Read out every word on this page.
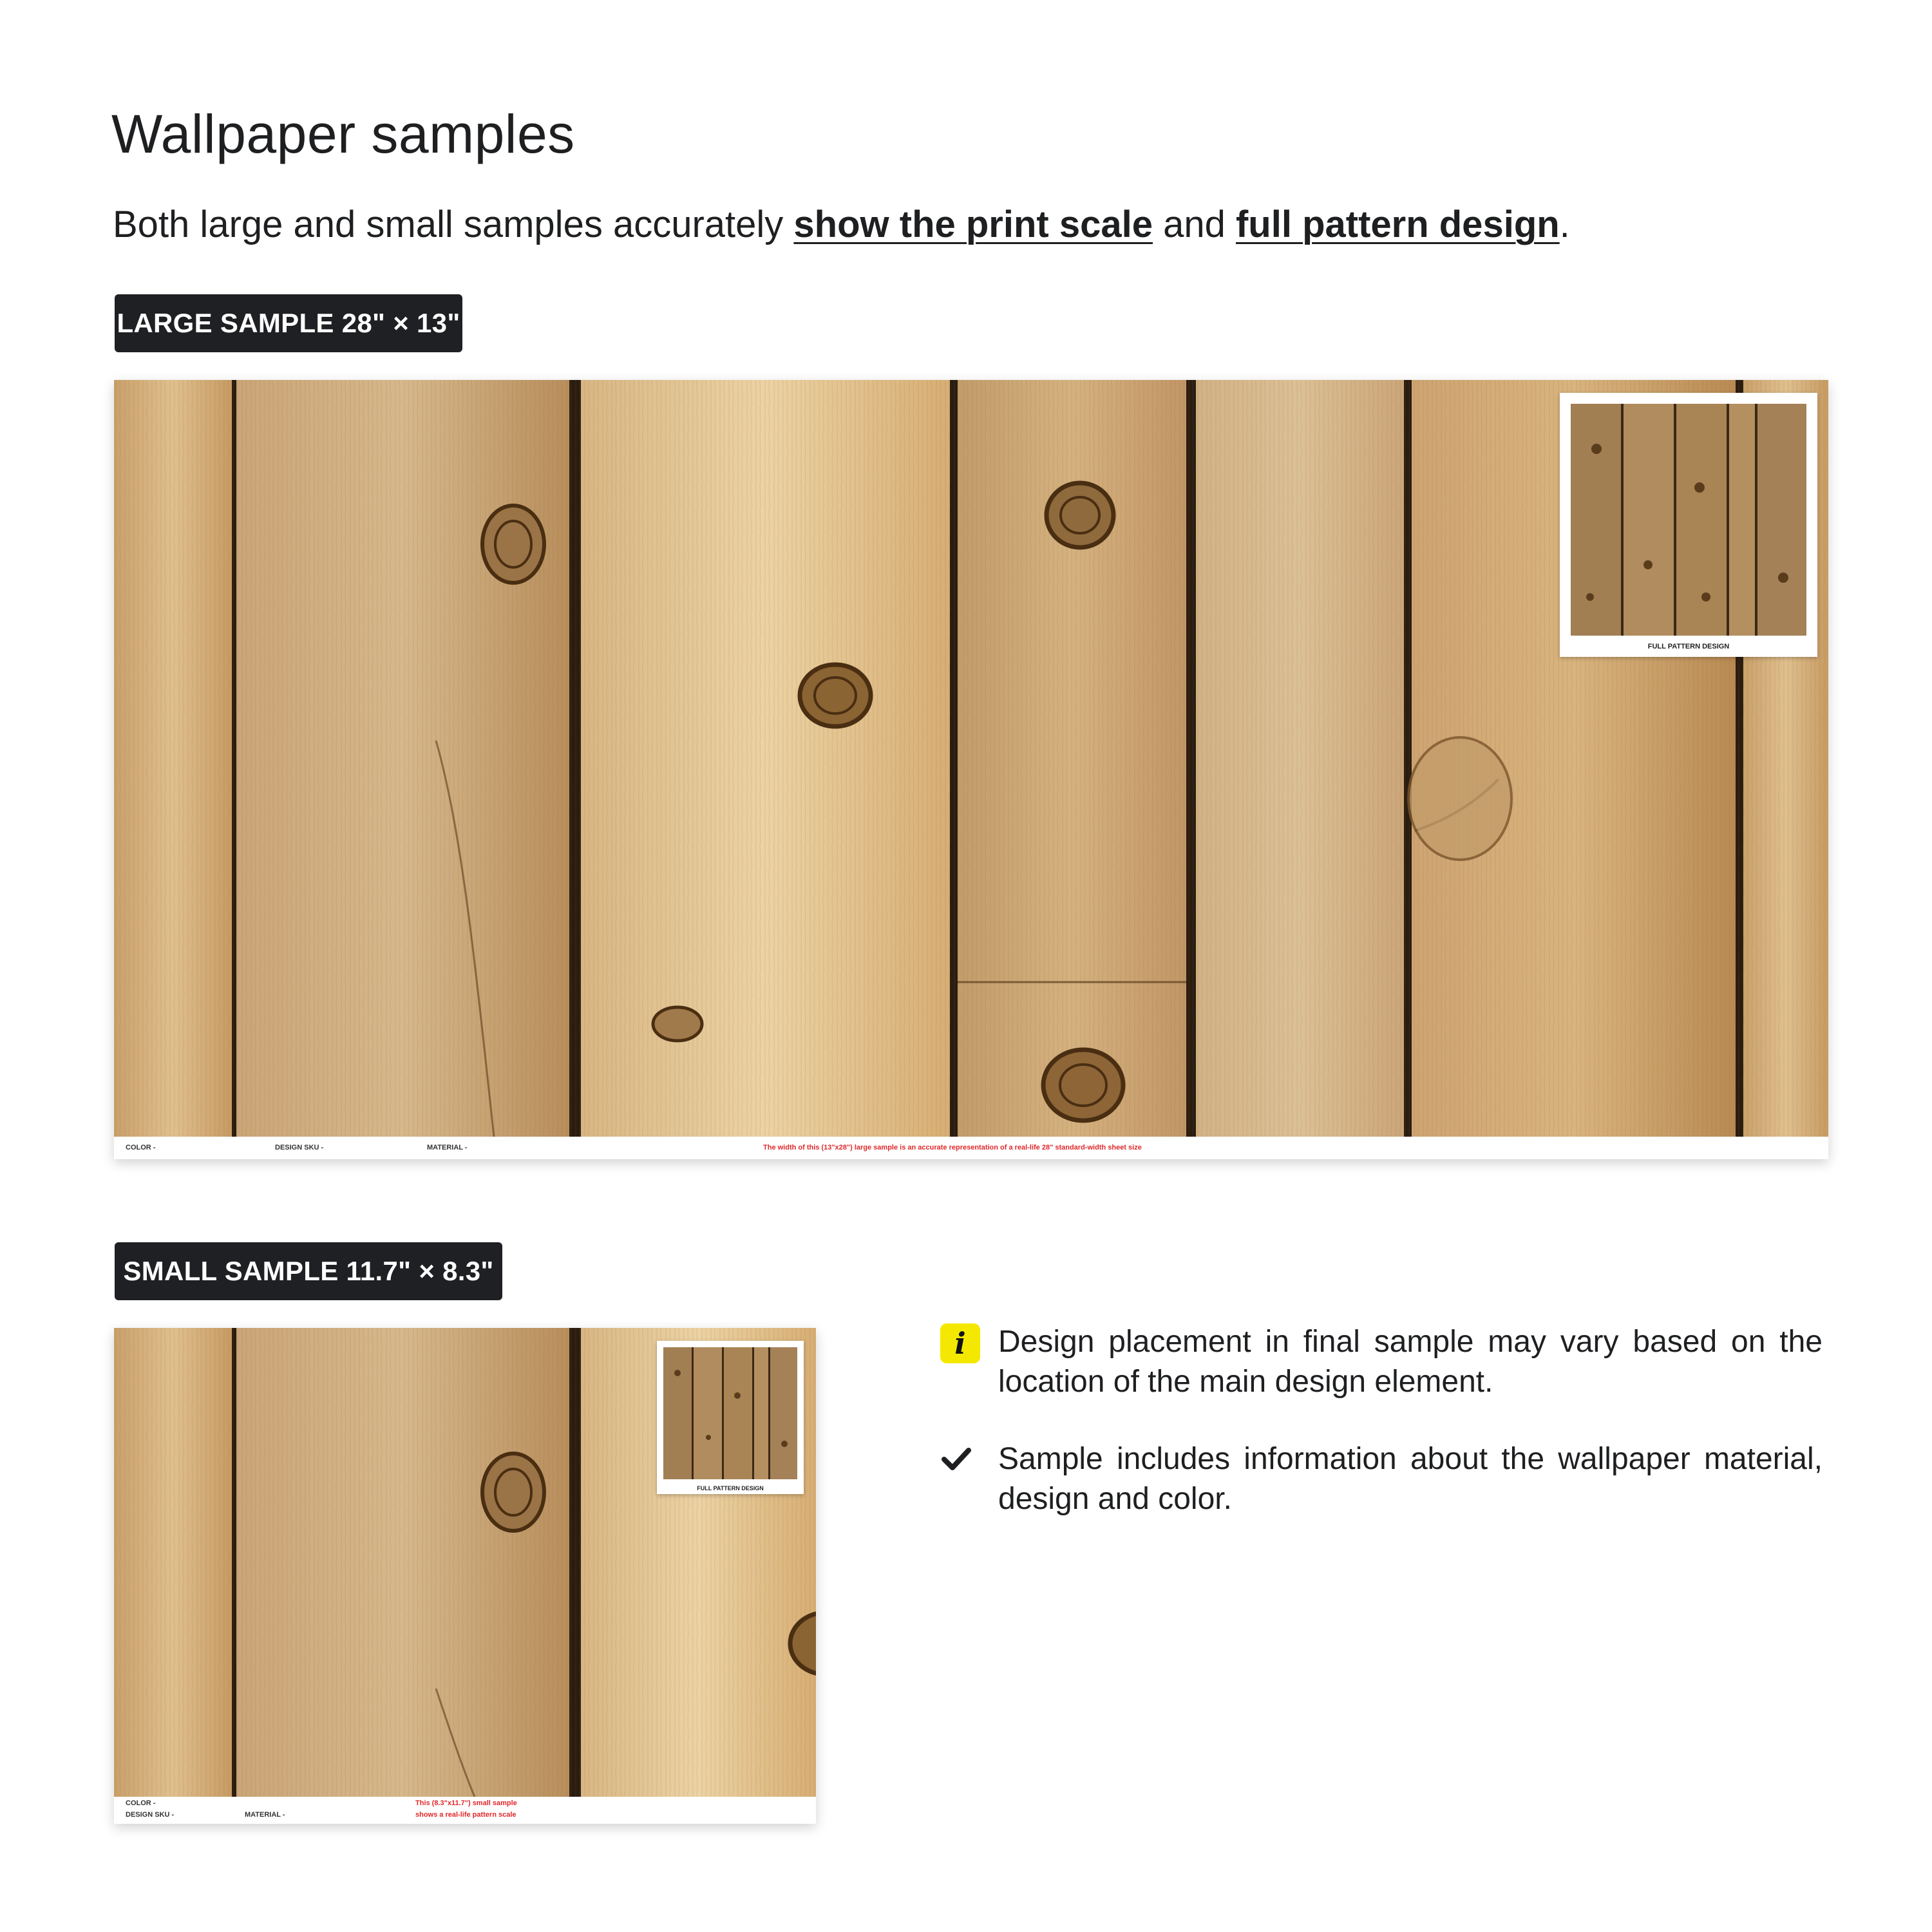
Wallpaper samples

Both large and small samples accurately show the print scale and full pattern design.

LARGE SAMPLE 28" × 13"
COLOR -	DESIGN SKU -	MATERIAL -	The width of this (13"x28") large sample is an accurate representation of a real-life 28" standard-width sheet size
FULL PATTERN DESIGN
SMALL SAMPLE 11.7" × 8.3"
COLOR -
DESIGN SKU -	MATERIAL -
This (8.3"x11.7") small sample
shows a real-life pattern scale
FULL PATTERN DESIGN
i	Design placement in final sample may vary based on the location of the main design element.
Sample includes information about the wallpaper material, design and color.
